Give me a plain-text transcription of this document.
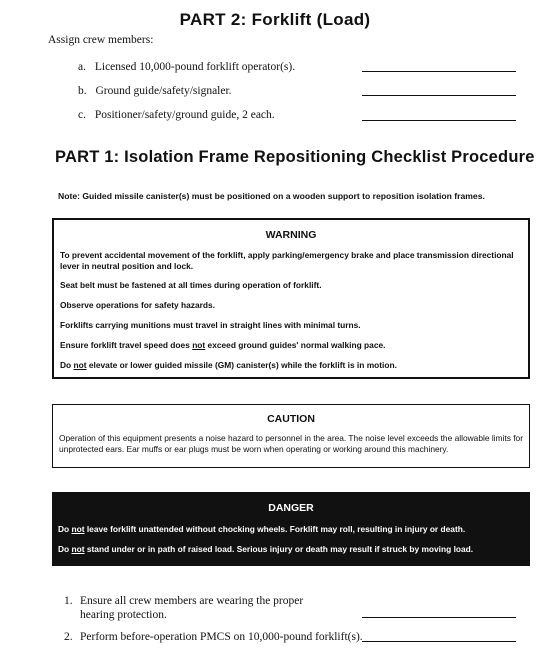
PART 2: Forklift (Load)
Assign crew members:
a. Licensed 10,000-pound forklift operator(s).
b. Ground guide/safety/signaler.
c. Positioner/safety/ground guide, 2 each.
PART 1: Isolation Frame Repositioning Checklist Procedure
Note: Guided missile canister(s) must be positioned on a wooden support to reposition isolation frames.
WARNING
To prevent accidental movement of the forklift, apply parking/emergency brake and place transmission directional lever in neutral position and lock.
Seat belt must be fastened at all times during operation of forklift.
Observe operations for safety hazards.
Forklifts carrying munitions must travel in straight lines with minimal turns.
Ensure forklift travel speed does not exceed ground guides' normal walking pace.
Do not elevate or lower guided missile (GM) canister(s) while the forklift is in motion.
CAUTION
Operation of this equipment presents a noise hazard to personnel in the area. The noise level exceeds the allowable limits for unprotected ears. Ear muffs or ear plugs must be worn when operating or working around this machinery.
DANGER
Do not leave forklift unattended without chocking wheels. Forklift may roll, resulting in injury or death.
Do not stand under or in path of raised load. Serious injury or death may result if struck by moving load.
1. Ensure all crew members are wearing the proper hearing protection.
2. Perform before-operation PMCS on 10,000-pound forklift(s).
